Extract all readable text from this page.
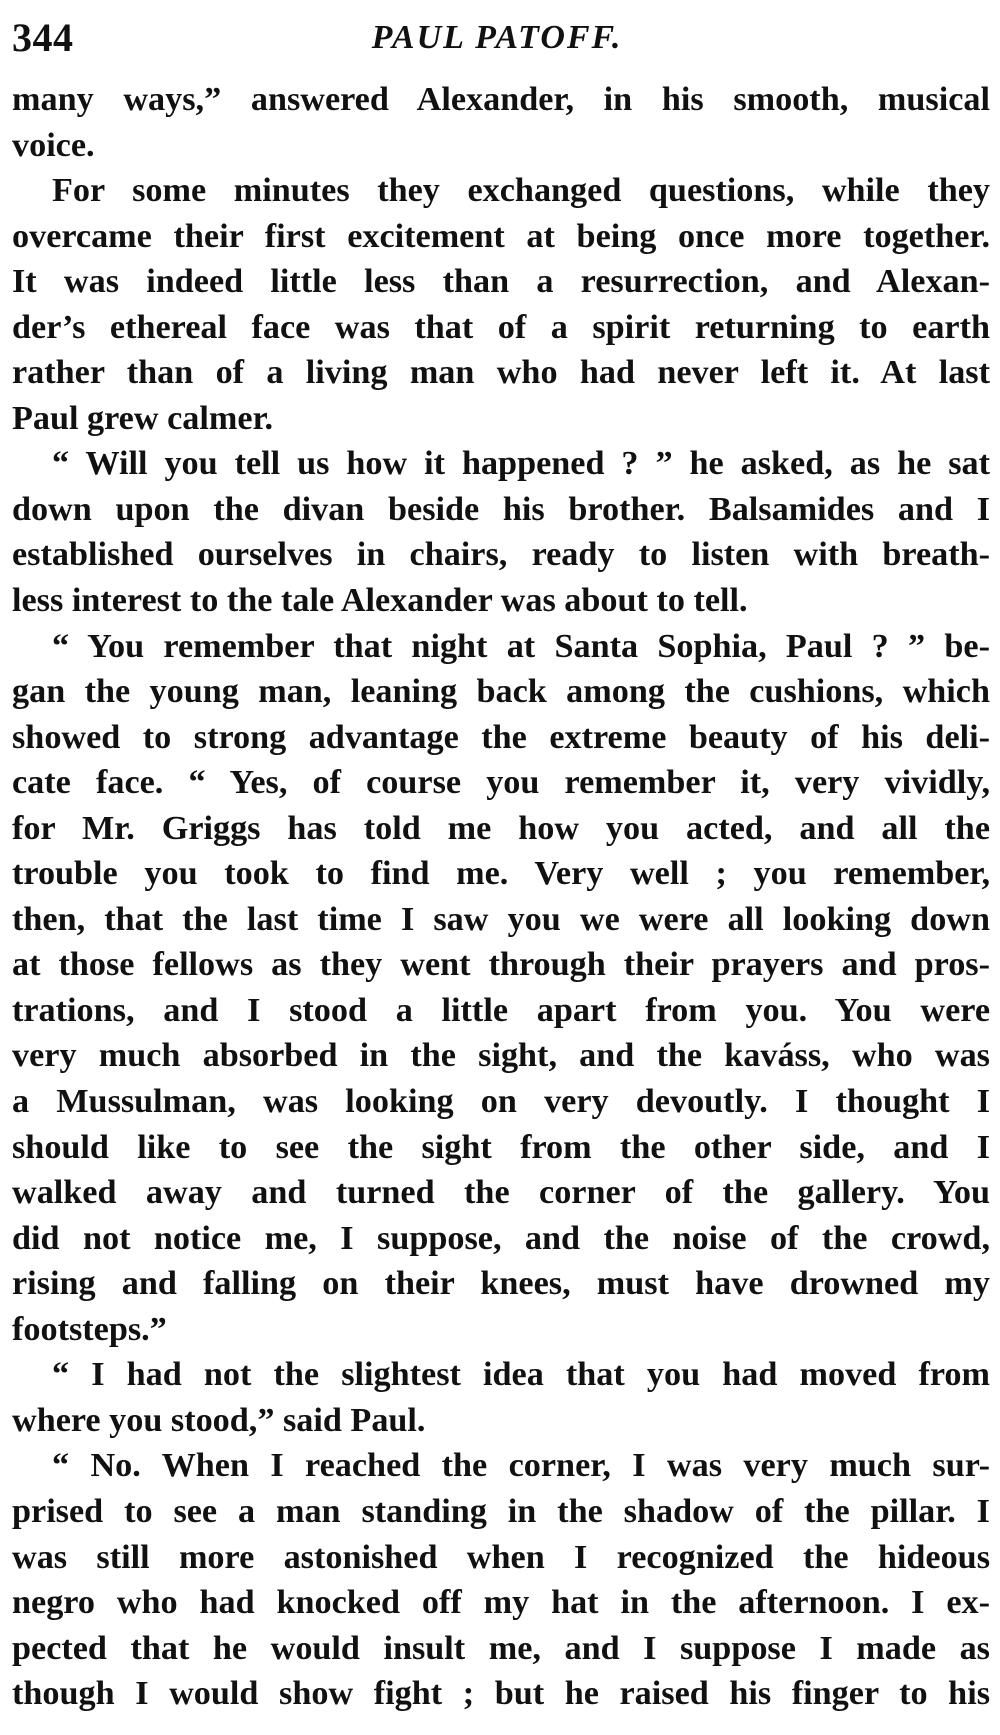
344	PAUL PATOFF.
many ways,” answered Alexander, in his smooth, musical
voice.
For some minutes they exchanged questions, while they
overcame their first excitement at being once more together.
It was indeed little less than a resurrection, and Alexan-
der’s ethereal face was that of a spirit returning to earth
rather than of a living man who had never left it. At last
Paul grew calmer.
“ Will you tell us how it happened ? ” he asked, as he sat
down upon the divan beside his brother. Balsamides and I
established ourselves in chairs, ready to listen with breath-
less interest to the tale Alexander was about to tell.
“ You remember that night at Santa Sophia, Paul ? ” be-
gan the young man, leaning back among the cushions, which
showed to strong advantage the extreme beauty of his deli-
cate face. “ Yes, of course you remember it, very vividly,
for Mr. Griggs has told me how you acted, and all the
trouble you took to find me. Very well ; you remember,
then, that the last time I saw you we were all looking down
at those fellows as they went through their prayers and pros-
trations, and I stood a little apart from you. You were
very much absorbed in the sight, and the kaváss, who was
a Mussulman, was looking on very devoutly. I thought I
should like to see the sight from the other side, and I
walked away and turned the corner of the gallery. You
did not notice me, I suppose, and the noise of the crowd,
rising and falling on their knees, must have drowned my
footsteps.”
“ I had not the slightest idea that you had moved from
where you stood,” said Paul.
“ No. When I reached the corner, I was very much sur-
prised to see a man standing in the shadow of the pillar. I
was still more astonished when I recognized the hideous
negro who had knocked off my hat in the afternoon. I ex-
pected that he would insult me, and I suppose I made as
though I would show fight ; but he raised his finger to his
